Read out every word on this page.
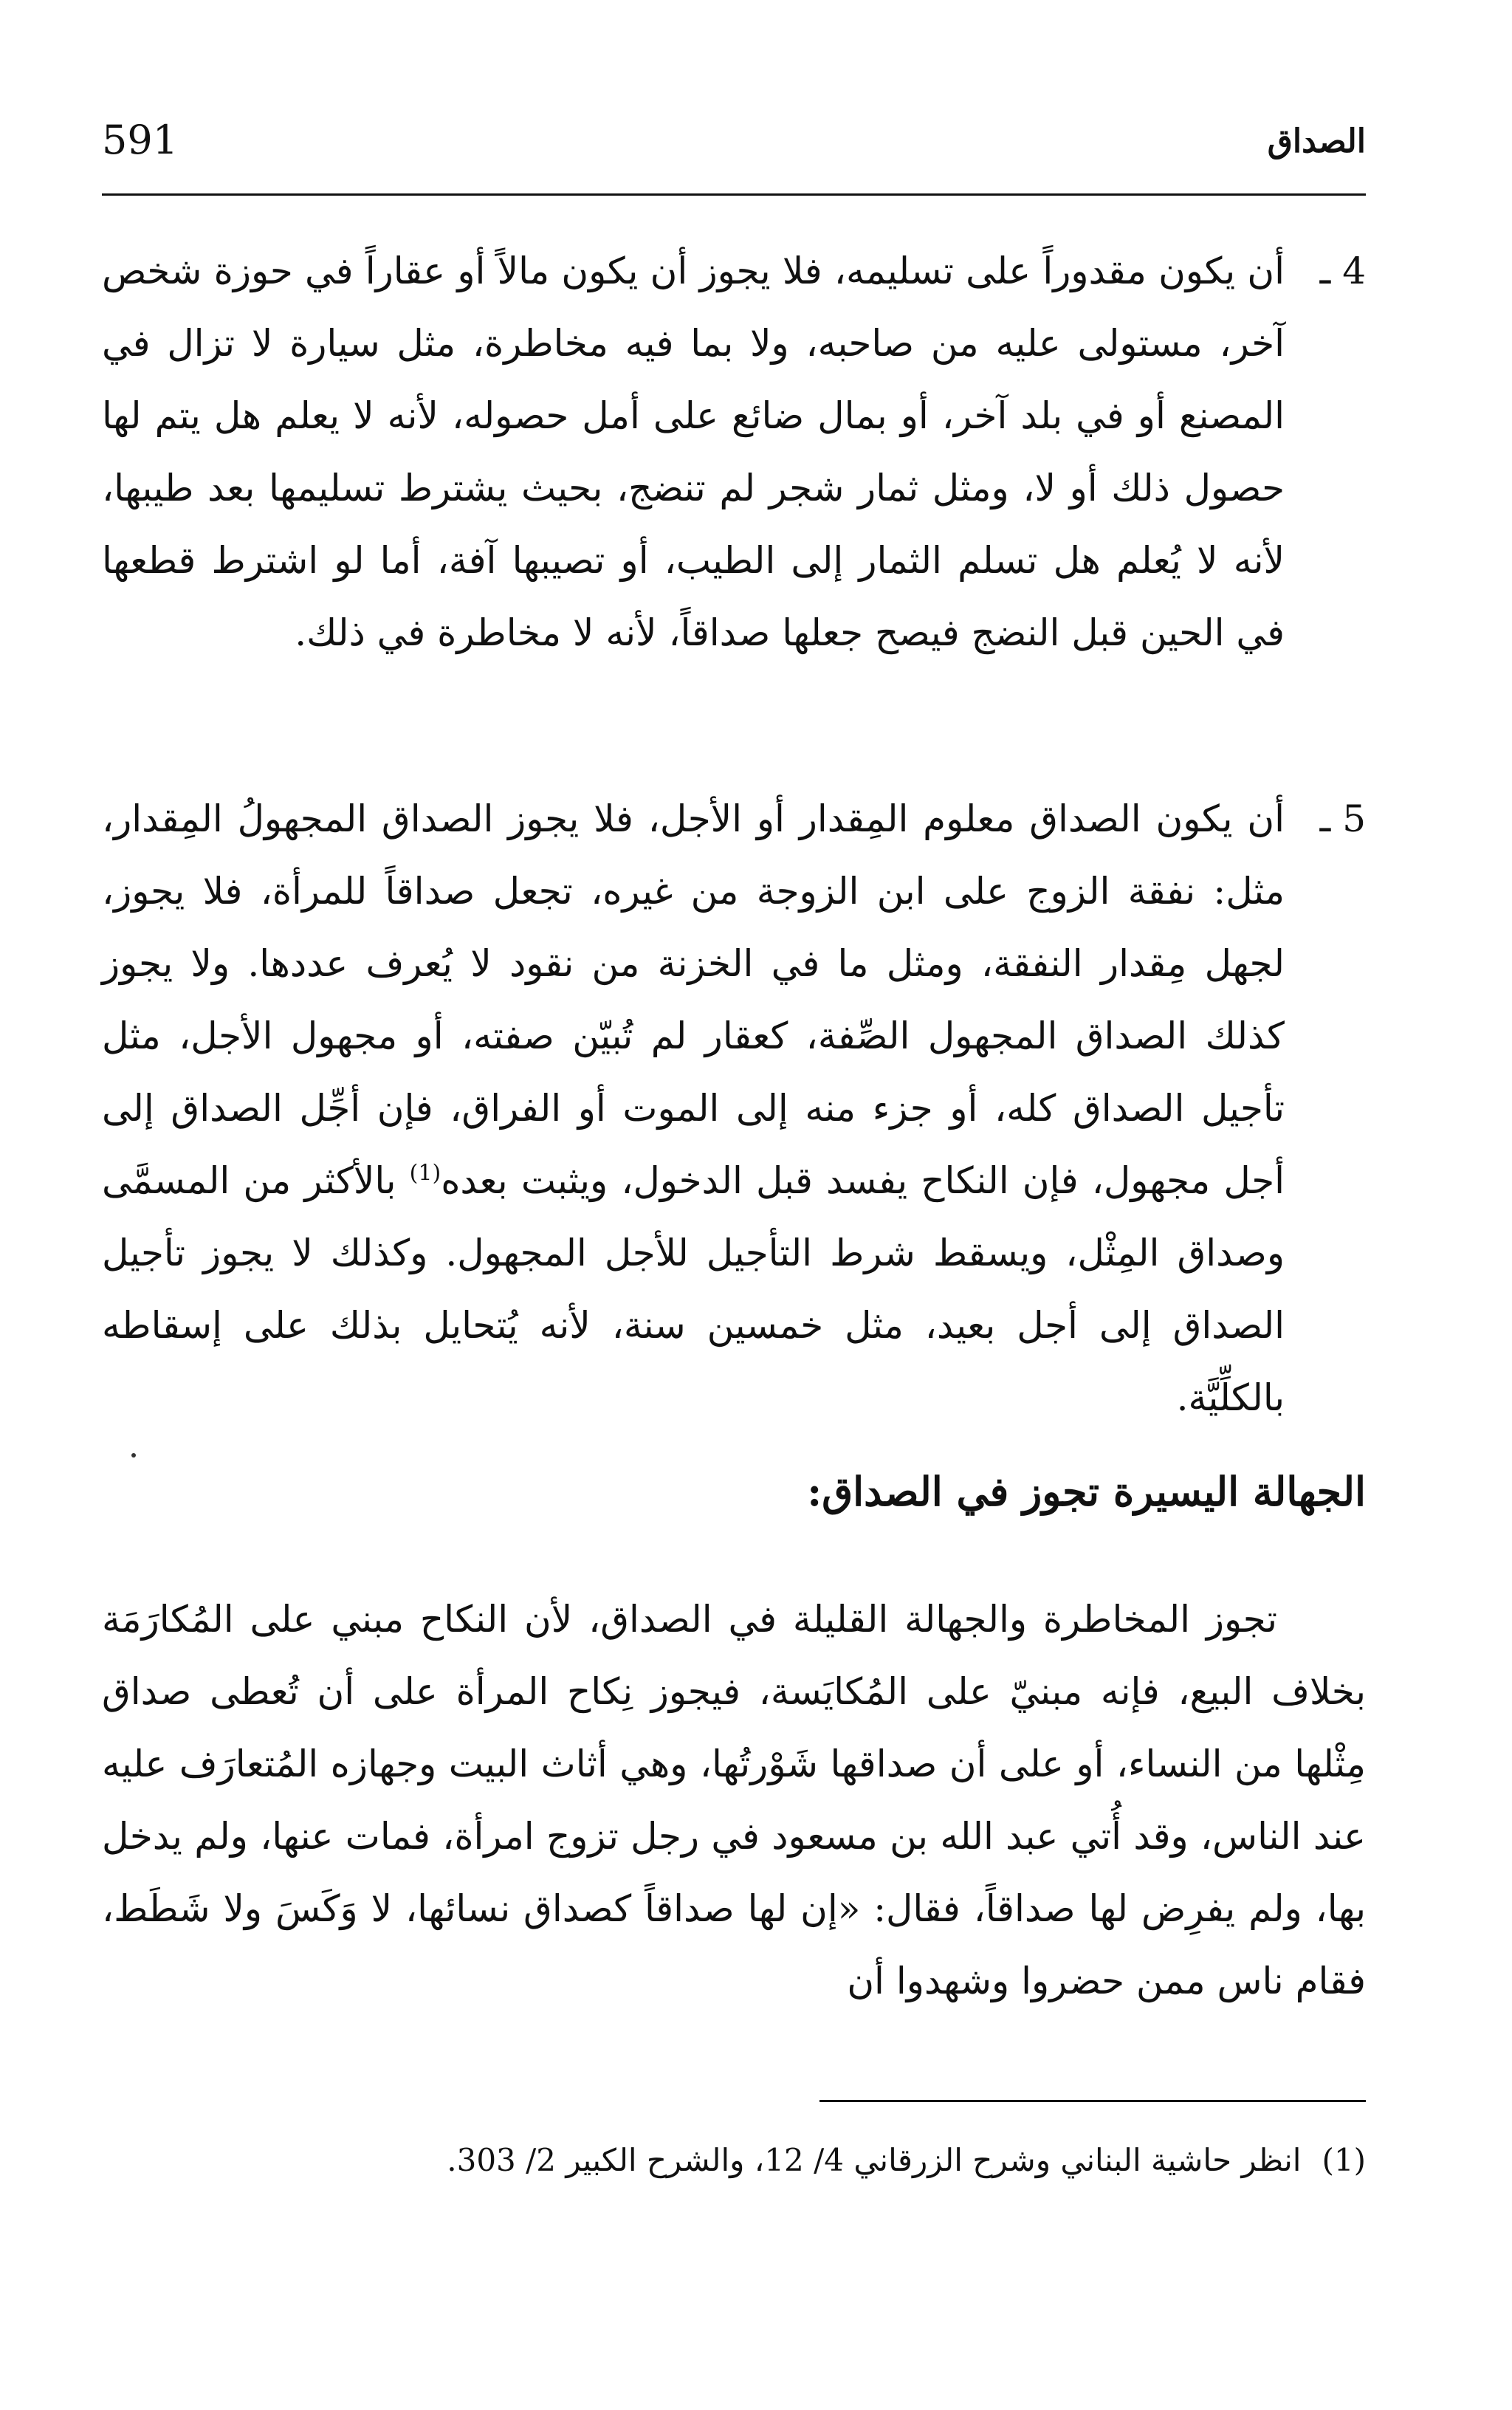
الصداق
591
4 ـ
أن يكون مقدوراً على تسليمه، فلا يجوز أن يكون مالاً أو عقاراً في حوزة شخص آخر، مستولى عليه من صاحبه، ولا بما فيه مخاطرة، مثل سيارة لا تزال في المصنع أو في بلد آخر، أو بمال ضائع على أمل حصوله، لأنه لا يعلم هل يتم لها حصول ذلك أو لا، ومثل ثمار شجر لم تنضج، بحيث يشترط تسليمها بعد طيبها، لأنه لا يُعلم هل تسلم الثمار إلى الطيب، أو تصيبها آفة، أما لو اشترط قطعها في الحين قبل النضج فيصح جعلها صداقاً، لأنه لا مخاطرة في ذلك.
5 ـ
أن يكون الصداق معلوم المِقدار أو الأجل، فلا يجوز الصداق المجهولُ المِقدار، مثل: نفقة الزوج على ابن الزوجة من غيره، تجعل صداقاً للمرأة، فلا يجوز، لجهل مِقدار النفقة، ومثل ما في الخزنة من نقود لا يُعرف عددها. ولا يجوز كذلك الصداق المجهول الصِّفة، كعقار لم تُبيّن صفته، أو مجهول الأجل، مثل تأجيل الصداق كله، أو جزء منه إلى الموت أو الفراق، فإن أجِّل الصداق إلى أجل مجهول، فإن النكاح يفسد قبل الدخول، ويثبت بعده$^{(1)}$ بالأكثر من المسمَّى وصداق المِثْل، ويسقط شرط التأجيل للأجل المجهول. وكذلك لا يجوز تأجيل الصداق إلى أجل بعيد، مثل خمسين سنة، لأنه يُتحايل بذلك على إسقاطه بالكلِّيَّة.
الجهالة اليسيرة تجوز في الصداق:
تجوز المخاطرة والجهالة القليلة في الصداق، لأن النكاح مبني على المُكارَمَة بخلاف البيع، فإنه مبنيّ على المُكايَسة، فيجوز نِكاح المرأة على أن تُعطى صداق مِثْلها من النساء، أو على أن صداقها شَوْرتُها، وهي أثاث البيت وجهازه المُتعارَف عليه عند الناس، وقد أُتي عبد الله بن مسعود في رجل تزوج امرأة، فمات عنها، ولم يدخل بها، ولم يفرِض لها صداقاً، فقال: «إن لها صداقاً كصداق نسائها، لا وَكَسَ ولا شَطَط، فقام ناس ممن حضروا وشهدوا أن
(1)انظر حاشية البناني وشرح الزرقاني 4/ 12، والشرح الكبير 2/ 303.
